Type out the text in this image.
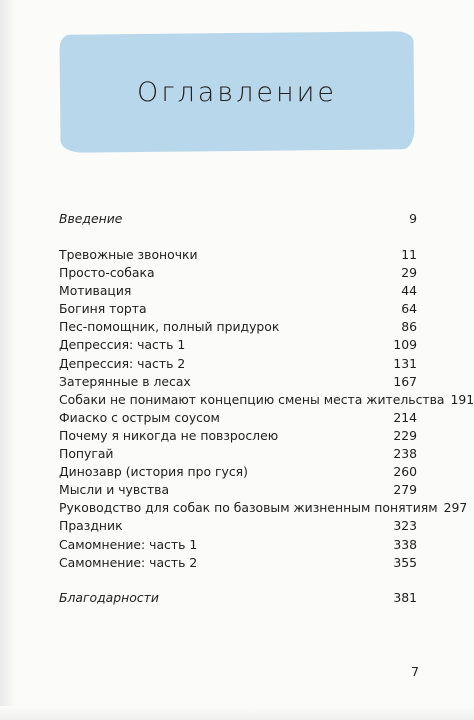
Оглавление
Введение	9
Тревожные звоночки	11
Просто-собака	29
Мотивация	44
Богиня торта	64
Пес-помощник, полный придурок	86
Депрессия: часть 1	109
Депрессия: часть 2	131
Затерянные в лесах	167
Собаки не понимают концепцию смены места жительства 191
Фиаско с острым соусом	214
Почему я никогда не повзрослею	229
Попугай	238
Динозавр (история про гуся)	260
Мысли и чувства	279
Руководство для собак по базовым жизненным понятиям 297
Праздник	323
Самомнение: часть 1	338
Самомнение: часть 2	355
Благодарности	381
7
